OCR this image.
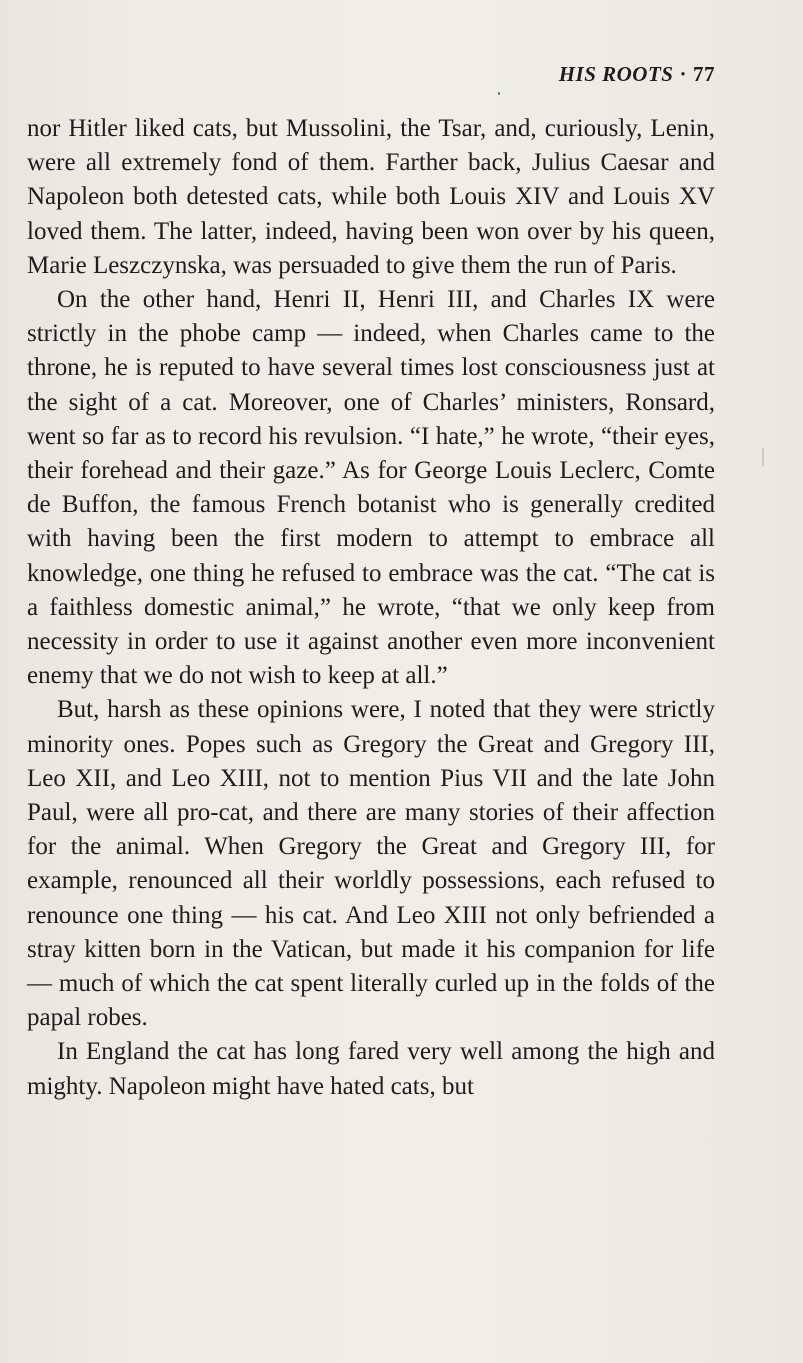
HIS ROOTS · 77

nor Hitler liked cats, but Mussolini, the Tsar, and, curiously, Lenin, were all extremely fond of them. Farther back, Julius Caesar and Napoleon both detested cats, while both Louis XIV and Louis XV loved them. The latter, indeed, having been won over by his queen, Marie Leszczynska, was persuaded to give them the run of Paris.

On the other hand, Henri II, Henri III, and Charles IX were strictly in the phobe camp — indeed, when Charles came to the throne, he is reputed to have several times lost consciousness just at the sight of a cat. Moreover, one of Charles’ ministers, Ronsard, went so far as to record his revulsion. “I hate,” he wrote, “their eyes, their forehead and their gaze.” As for George Louis Leclerc, Comte de Buffon, the famous French botanist who is generally credited with having been the first modern to attempt to embrace all knowledge, one thing he refused to embrace was the cat. “The cat is a faithless domestic animal,” he wrote, “that we only keep from necessity in order to use it against another even more inconvenient enemy that we do not wish to keep at all.”

But, harsh as these opinions were, I noted that they were strictly minority ones. Popes such as Gregory the Great and Gregory III, Leo XII, and Leo XIII, not to mention Pius VII and the late John Paul, were all pro-cat, and there are many stories of their affection for the animal. When Gregory the Great and Gregory III, for example, renounced all their worldly possessions, each refused to renounce one thing — his cat. And Leo XIII not only befriended a stray kitten born in the Vatican, but made it his companion for life — much of which the cat spent literally curled up in the folds of the papal robes.

In England the cat has long fared very well among the high and mighty. Napoleon might have hated cats, but
